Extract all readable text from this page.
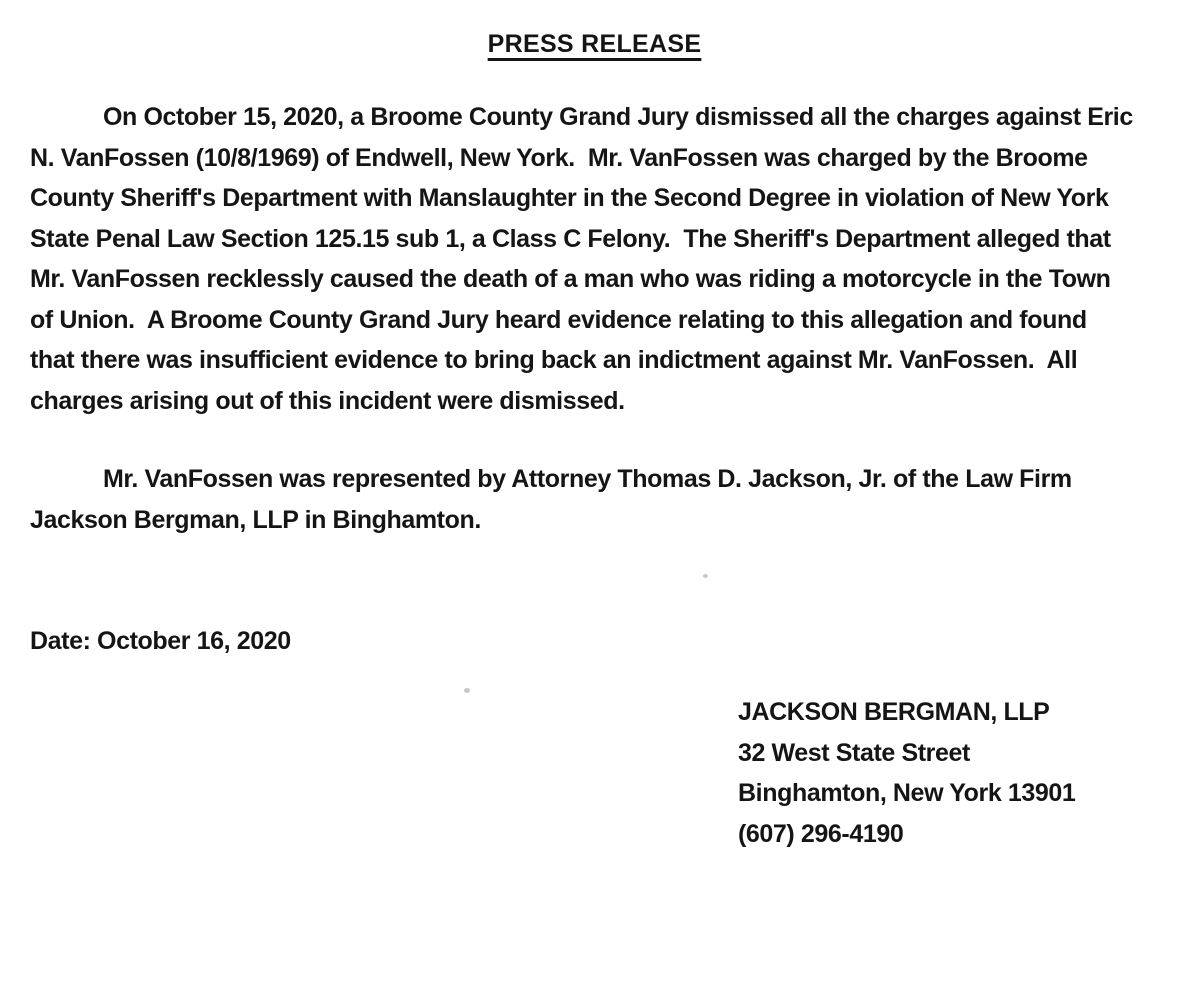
PRESS RELEASE
On October 15, 2020, a Broome County Grand Jury dismissed all the charges against Eric
N. VanFossen (10/8/1969) of Endwell, New York.  Mr. VanFossen was charged by the Broome
County Sheriff's Department with Manslaughter in the Second Degree in violation of New York
State Penal Law Section 125.15 sub 1, a Class C Felony.  The Sheriff's Department alleged that
Mr. VanFossen recklessly caused the death of a man who was riding a motorcycle in the Town
of Union.  A Broome County Grand Jury heard evidence relating to this allegation and found
that there was insufficient evidence to bring back an indictment against Mr. VanFossen.  All
charges arising out of this incident were dismissed.
Mr. VanFossen was represented by Attorney Thomas D. Jackson, Jr. of the Law Firm
Jackson Bergman, LLP in Binghamton.
Date: October 16, 2020
JACKSON BERGMAN, LLP
32 West State Street
Binghamton, New York 13901
(607) 296-4190
